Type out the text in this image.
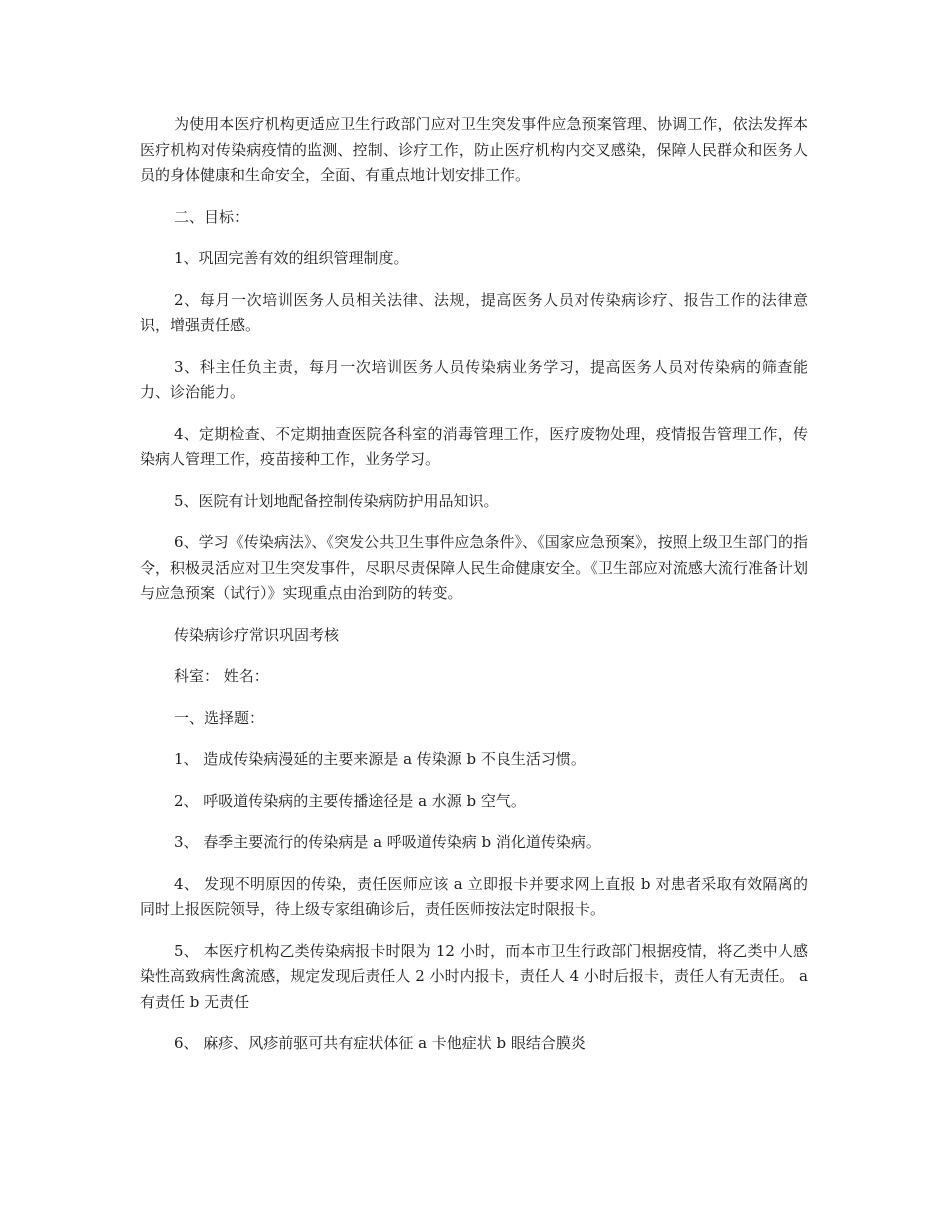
为使用本医疗机构更适应卫生行政部门应对卫生突发事件应急预案管理、协调工作，依法发挥本医疗机构对传染病疫情的监测、控制、诊疗工作，防止医疗机构内交叉感染，保障人民群众和医务人员的身体健康和生命安全，全面、有重点地计划安排工作。

二、目标：

1、巩固完善有效的组织管理制度。

2、每月一次培训医务人员相关法律、法规，提高医务人员对传染病诊疗、报告工作的法律意识，增强责任感。

3、科主任负主责，每月一次培训医务人员传染病业务学习，提高医务人员对传染病的筛查能力、诊治能力。

4、定期检查、不定期抽查医院各科室的消毒管理工作，医疗废物处理，疫情报告管理工作，传染病人管理工作，疫苗接种工作，业务学习。

5、医院有计划地配备控制传染病防护用品知识。

6、学习《传染病法》、《突发公共卫生事件应急条件》、《国家应急预案》，按照上级卫生部门的指令，积极灵活应对卫生突发事件，尽职尽责保障人民生命健康安全。《卫生部应对流感大流行准备计划与应急预案（试行）》实现重点由治到防的转变。

传染病诊疗常识巩固考核

科室： 姓名：

一、选择题：

1、 造成传染病漫延的主要来源是 a 传染源 b 不良生活习惯。

2、 呼吸道传染病的主要传播途径是 a 水源 b 空气。

3、 春季主要流行的传染病是 a 呼吸道传染病 b 消化道传染病。

4、 发现不明原因的传染，责任医师应该 a 立即报卡并要求网上直报 b 对患者采取有效隔离的同时上报医院领导，待上级专家组确诊后，责任医师按法定时限报卡。

5、 本医疗机构乙类传染病报卡时限为 12 小时，而本市卫生行政部门根据疫情，将乙类中人感染性高致病性禽流感，规定发现后责任人 2 小时内报卡，责任人 4 小时后报卡，责任人有无责任。 a 有责任 b 无责任

6、 麻疹、风疹前驱可共有症状体征 a 卡他症状 b 眼结合膜炎
